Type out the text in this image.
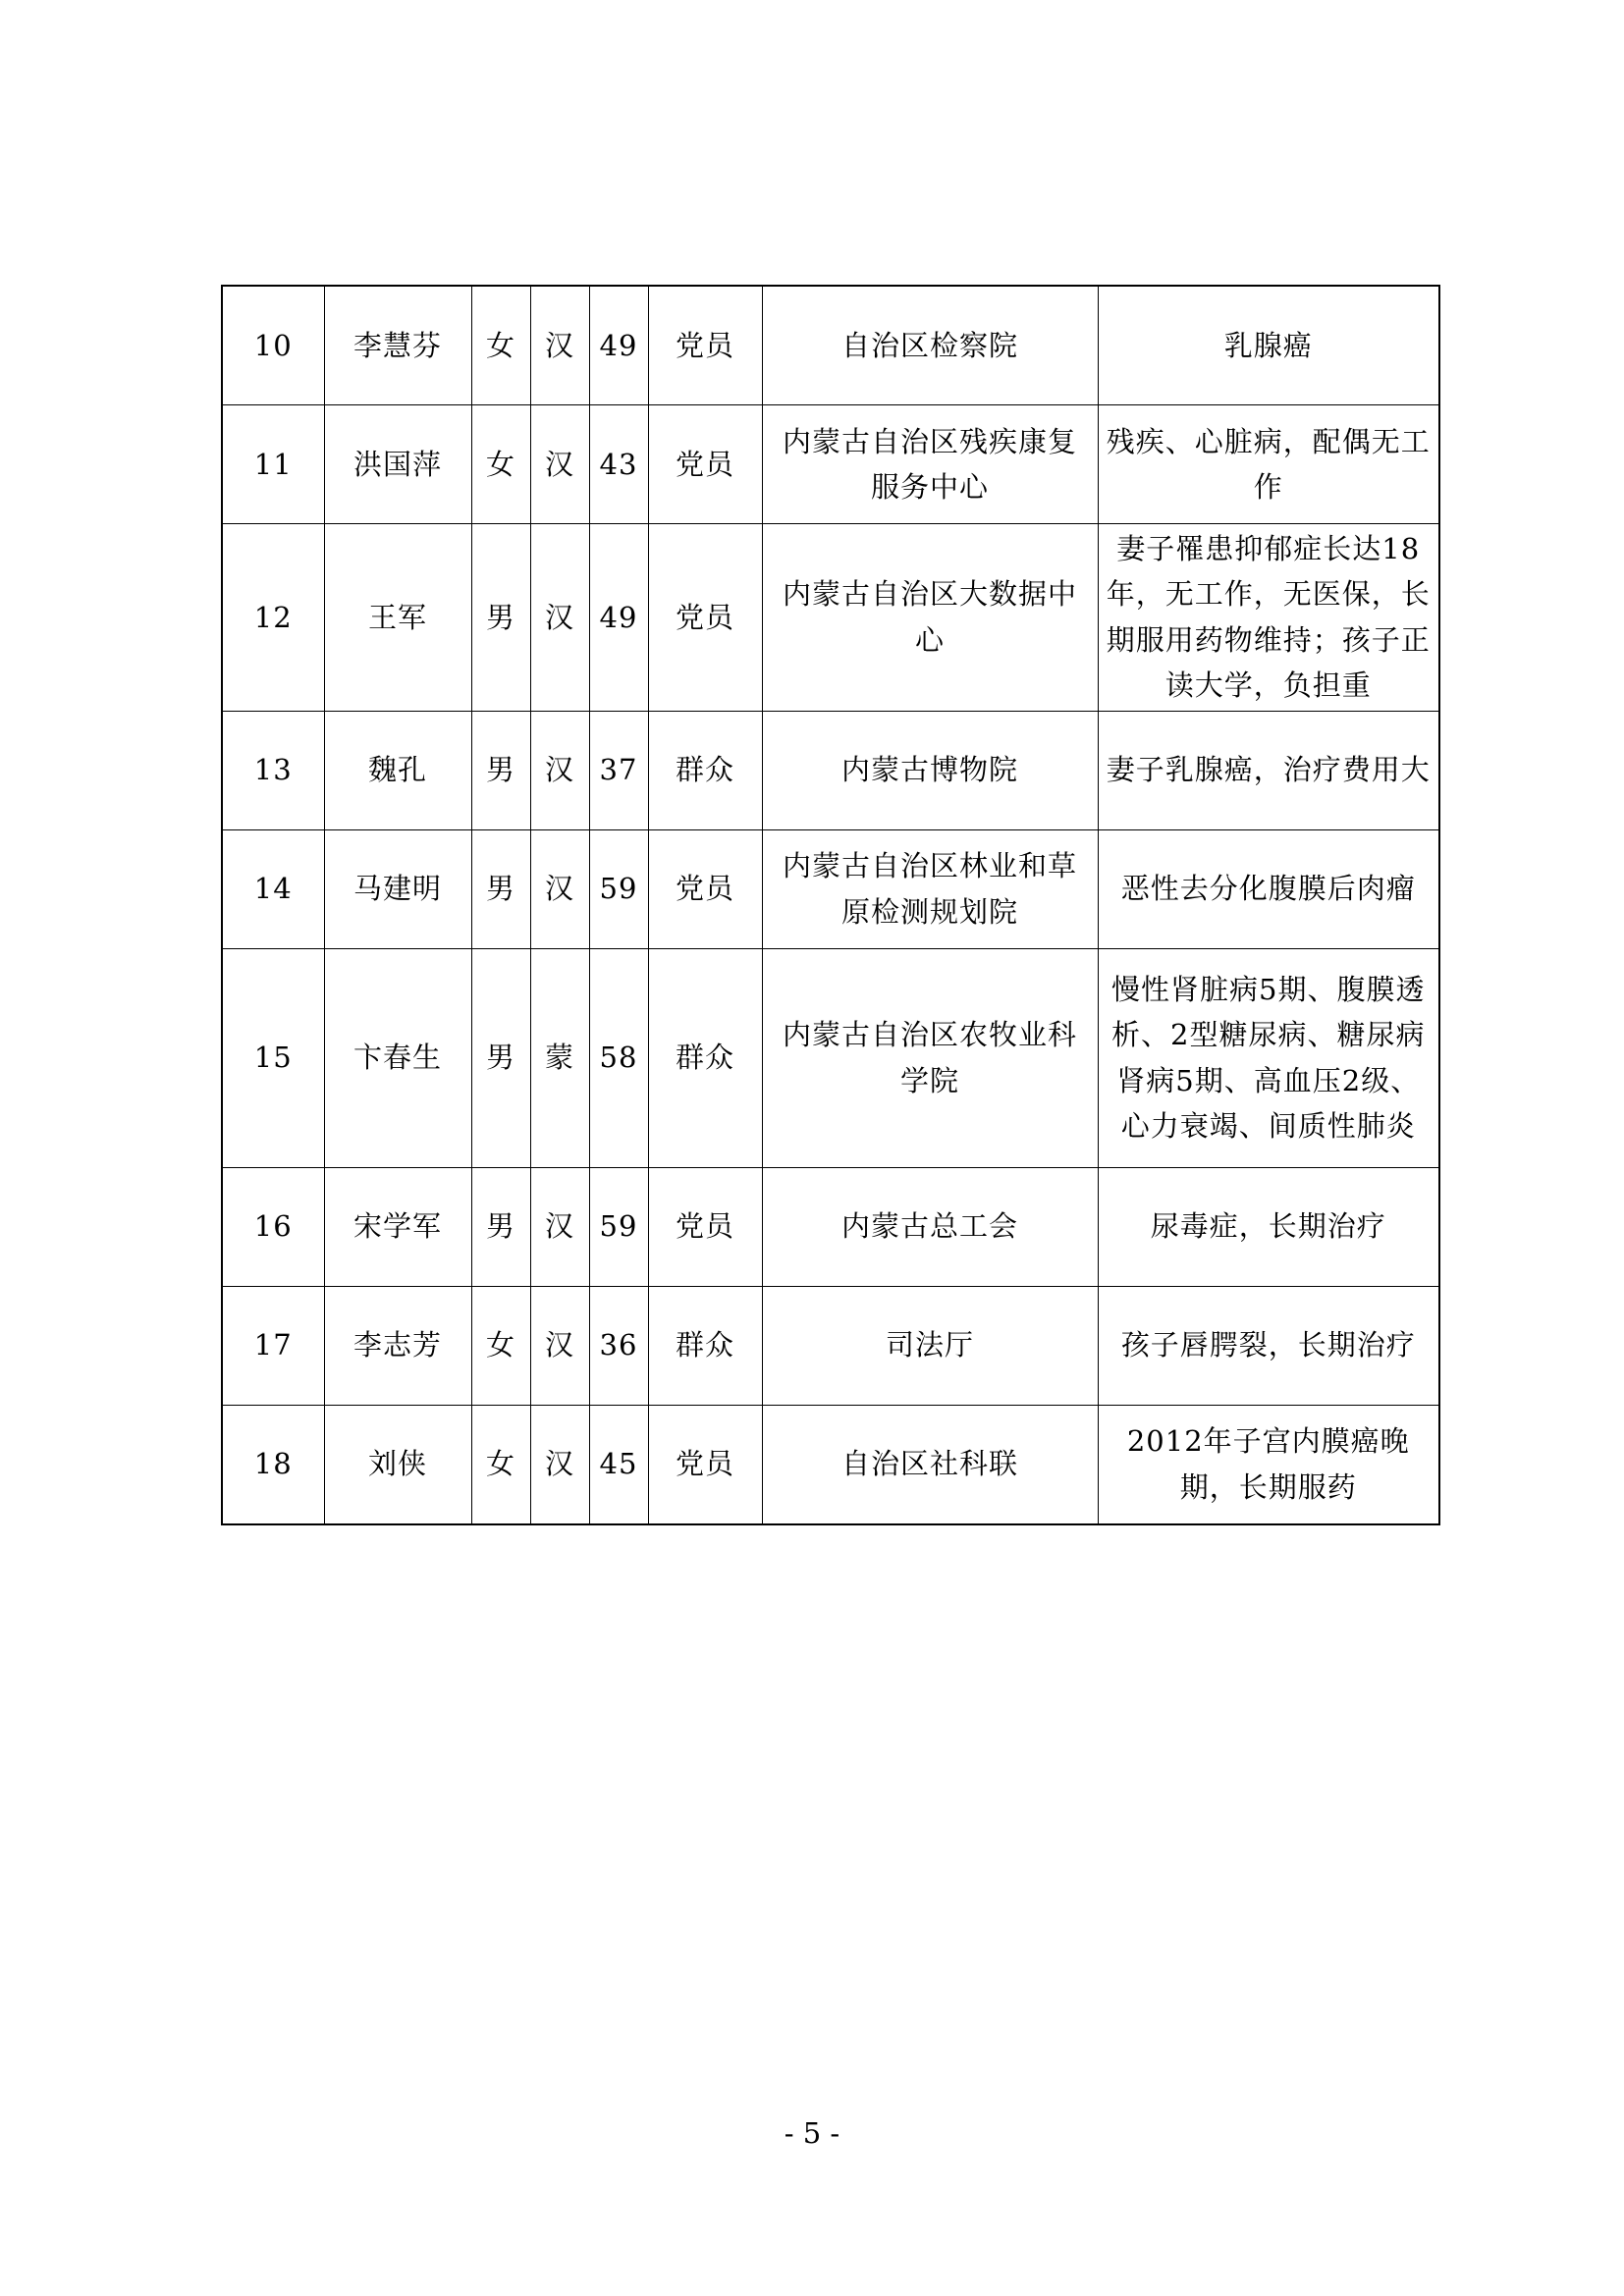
10	李慧芬	女	汉	49	党员	自治区检察院	乳腺癌
11	洪国萍	女	汉	43	党员	内蒙古自治区残疾康复服务中心	残疾、心脏病，配偶无工作
12	王军	男	汉	49	党员	内蒙古自治区大数据中心	妻子罹患抑郁症长达18年，无工作，无医保，长期服用药物维持；孩子正读大学，负担重
13	魏孔	男	汉	37	群众	内蒙古博物院	妻子乳腺癌，治疗费用大
14	马建明	男	汉	59	党员	内蒙古自治区林业和草原检测规划院	恶性去分化腹膜后肉瘤
15	卞春生	男	蒙	58	群众	内蒙古自治区农牧业科学院	慢性肾脏病5期、腹膜透析、2型糖尿病、糖尿病肾病5期、高血压2级、心力衰竭、间质性肺炎
16	宋学军	男	汉	59	党员	内蒙古总工会	尿毒症，长期治疗
17	李志芳	女	汉	36	群众	司法厅	孩子唇腭裂，长期治疗
18	刘侠	女	汉	45	党员	自治区社科联	2012年子宫内膜癌晚期，长期服药
- 5 -
